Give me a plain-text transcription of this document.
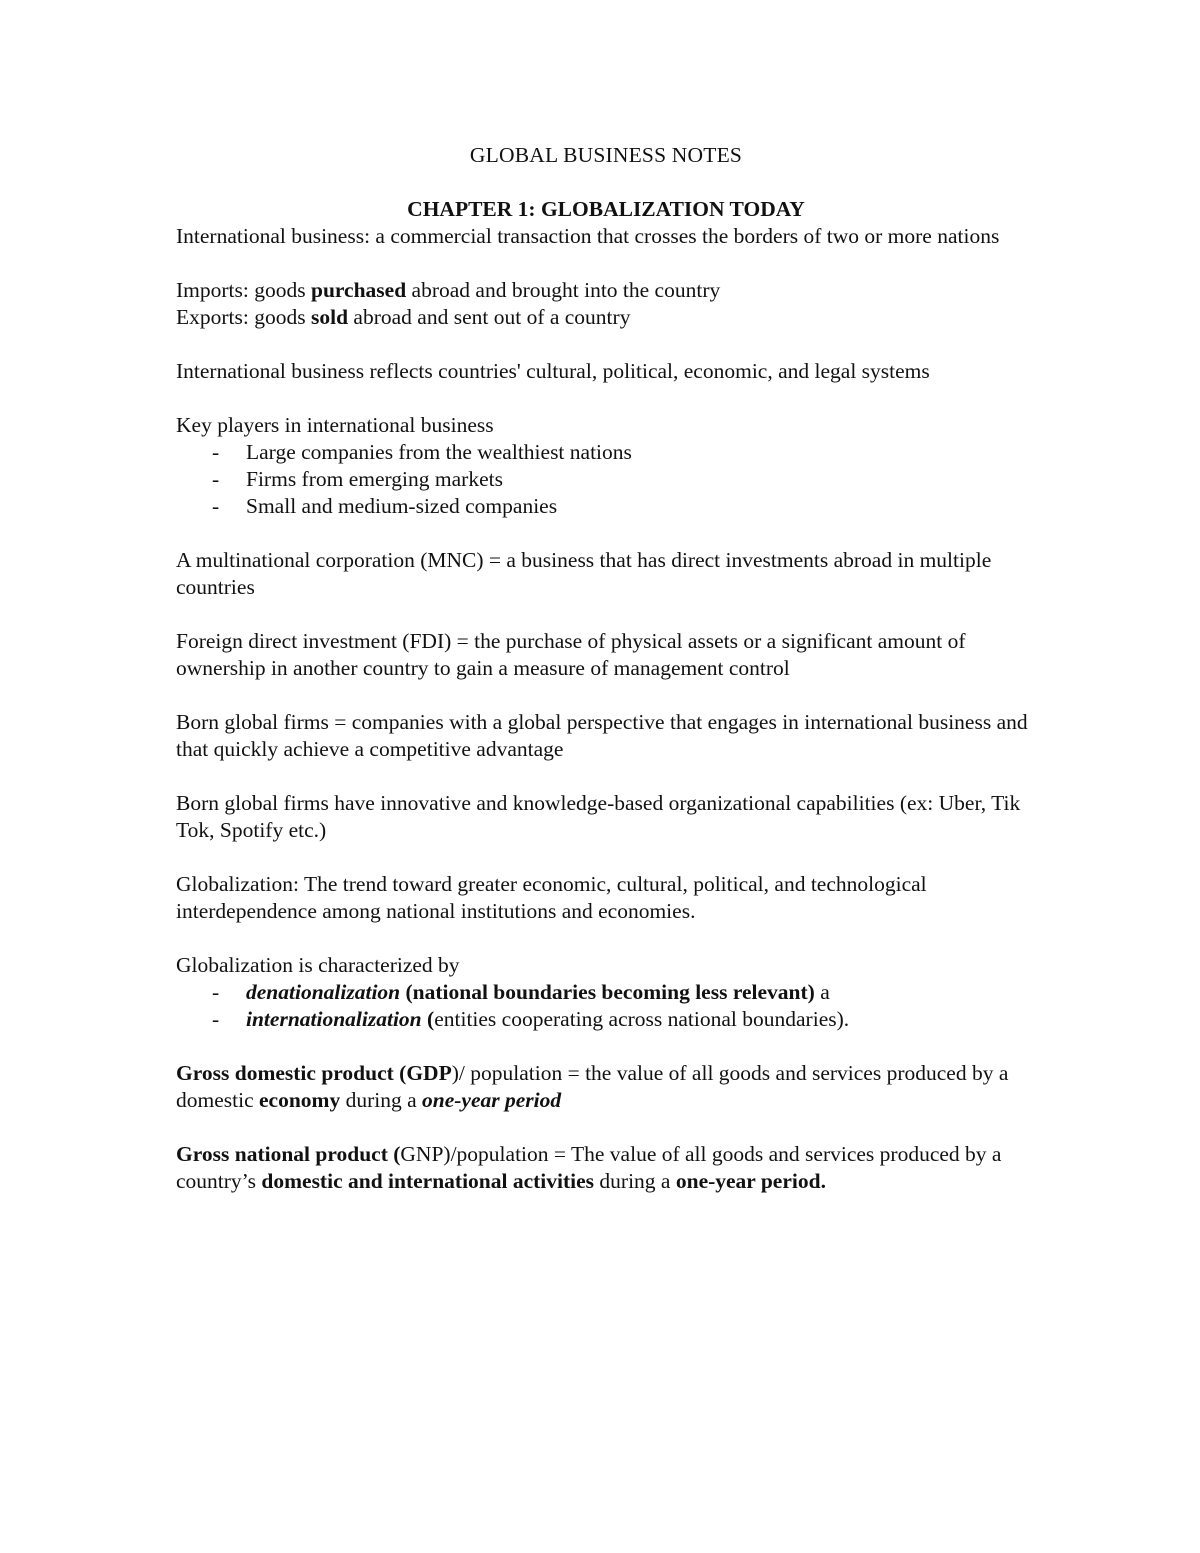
GLOBAL BUSINESS NOTES
CHAPTER 1: GLOBALIZATION TODAY

International business: a commercial transaction that crosses the borders of two or more nations

Imports: goods purchased abroad and brought into the country

Exports: goods sold abroad and sent out of a country

International business reflects countries' cultural, political, economic, and legal systems

Key players in international business

- Large companies from the wealthiest nations
- Firms from emerging markets
- Small and medium-sized companies

A multinational corporation (MNC) = a business that has direct investments abroad in multiple countries

Foreign direct investment (FDI) = the purchase of physical assets or a significant amount of ownership in another country to gain a measure of management control

Born global firms = companies with a global perspective that engages in international business and that quickly achieve a competitive advantage

Born global firms have innovative and knowledge-based organizational capabilities (ex: Uber, Tik Tok, Spotify etc.)

Globalization: The trend toward greater economic, cultural, political, and technological interdependence among national institutions and economies.

Globalization is characterized by

- denationalization (national boundaries becoming less relevant) a
- internationalization (entities cooperating across national boundaries).

Gross domestic product (GDP)/ population = the value of all goods and services produced by a domestic economy during a one-year period

Gross national product (GNP)/population = The value of all goods and services produced by a country’s domestic and international activities during a one-year period.
